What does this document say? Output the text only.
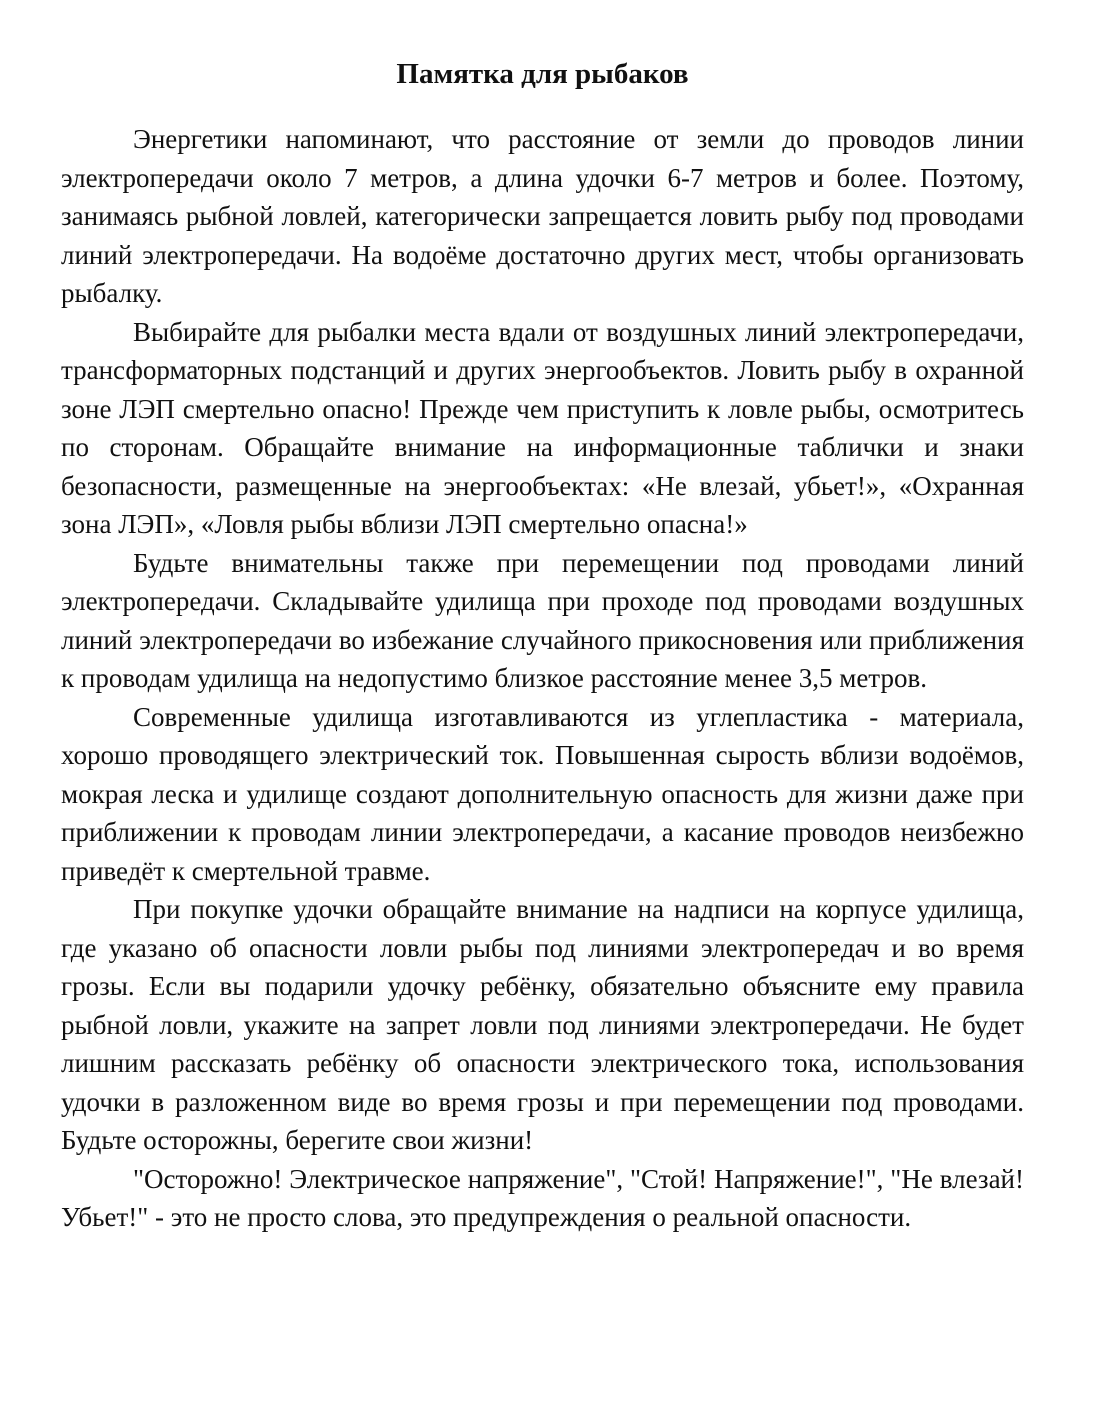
Памятка для рыбаков

Энергетики напоминают, что расстояние от земли до проводов линии электропередачи около 7 метров, а длина удочки 6-7 метров и более. Поэтому, занимаясь рыбной ловлей, категорически запрещается ловить рыбу под проводами линий электропередачи. На водоёме достаточно других мест, чтобы организовать рыбалку.

Выбирайте для рыбалки места вдали от воздушных линий электропередачи, трансформаторных подстанций и других энергообъектов. Ловить рыбу в охранной зоне ЛЭП смертельно опасно! Прежде чем приступить к ловле рыбы, осмотритесь по сторонам. Обращайте внимание на информационные таблички и знаки безопасности, размещенные на энергообъектах: «Не влезай, убьет!», «Охранная зона ЛЭП», «Ловля рыбы вблизи ЛЭП смертельно опасна!»

Будьте внимательны также при перемещении под проводами линий электропередачи. Складывайте удилища при проходе под проводами воздушных линий электропередачи во избежание случайного прикосновения или приближения к проводам удилища на недопустимо близкое расстояние менее 3,5 метров.

Современные удилища изготавливаются из углепластика - материала, хорошо проводящего электрический ток. Повышенная сырость вблизи водоёмов, мокрая леска и удилище создают дополнительную опасность для жизни даже при приближении к проводам линии электропередачи, а касание проводов неизбежно приведёт к смертельной травме.

При покупке удочки обращайте внимание на надписи на корпусе удилища, где указано об опасности ловли рыбы под линиями электропередач и во время грозы. Если вы подарили удочку ребёнку, обязательно объясните ему правила рыбной ловли, укажите на запрет ловли под линиями электропередачи. Не будет лишним рассказать ребёнку об опасности электрического тока, использования удочки в разложенном виде во время грозы и при перемещении под проводами. Будьте осторожны, берегите свои жизни!

"Осторожно! Электрическое напряжение", "Стой! Напряжение!", "Не влезай! Убьет!" - это не просто слова, это предупреждения о реальной опасности.
